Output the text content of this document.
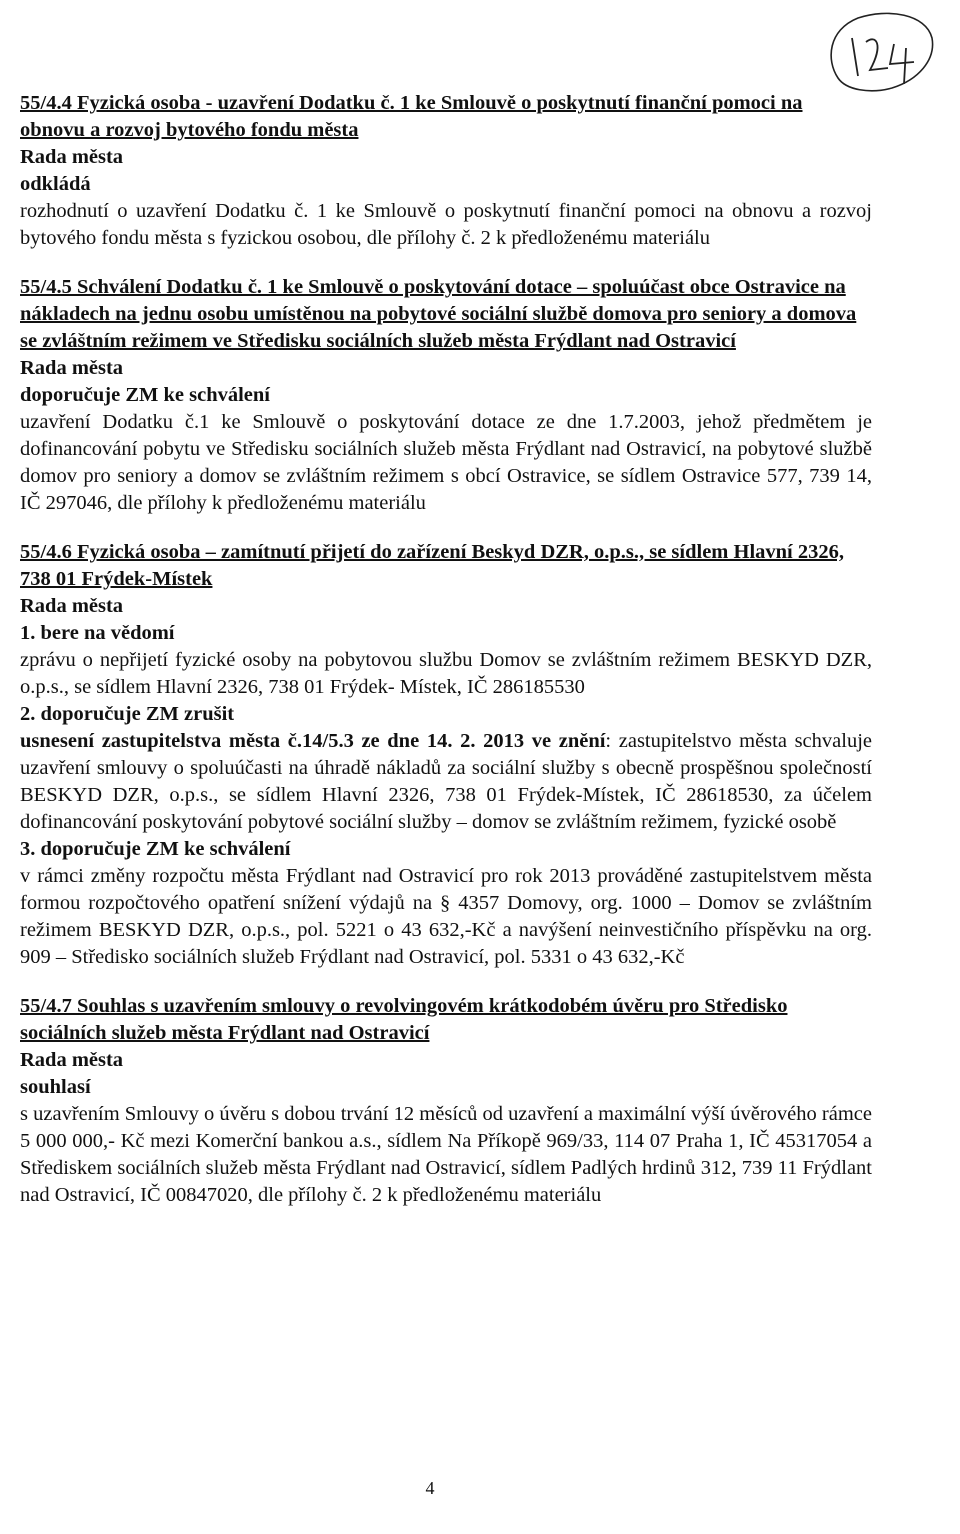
55/4.4 Fyzická osoba - uzavření Dodatku č. 1 ke Smlouvě o poskytnutí finanční pomoci na obnovu a rozvoj bytového fondu města
Rada města
odkládá
rozhodnutí o uzavření Dodatku č. 1 ke Smlouvě o poskytnutí finanční pomoci na obnovu a rozvoj bytového fondu města s fyzickou osobou, dle přílohy č. 2 k předloženému materiálu
55/4.5 Schválení Dodatku č. 1 ke Smlouvě o poskytování dotace – spoluúčast obce Ostravice na nákladech na jednu osobu umístěnou na pobytové sociální službě domova pro seniory a domova se zvláštním režimem ve Středisku sociálních služeb města Frýdlant nad Ostravicí
Rada města
doporučuje ZM ke schválení
uzavření Dodatku č.1 ke Smlouvě o poskytování dotace ze dne 1.7.2003, jehož předmětem je dofinancování pobytu ve Středisku sociálních služeb města Frýdlant nad Ostravicí, na pobytové službě domov pro seniory a domov se zvláštním režimem s obcí Ostravice, se sídlem Ostravice 577, 739 14, IČ 297046, dle přílohy k předloženému materiálu
55/4.6 Fyzická osoba – zamítnutí přijetí do zařízení Beskyd DZR, o.p.s., se sídlem Hlavní 2326, 738 01 Frýdek-Místek
Rada města
1. bere na vědomí
zprávu o nepřijetí fyzické osoby na pobytovou službu Domov se zvláštním režimem BESKYD DZR, o.p.s., se sídlem Hlavní 2326, 738 01 Frýdek- Místek, IČ 286185530
2. doporučuje ZM zrušit
usnesení zastupitelstva města č.14/5.3 ze dne 14. 2. 2013 ve znění: zastupitelstvo města schvaluje uzavření smlouvy o spoluúčasti na úhradě nákladů za sociální služby s obecně prospěšnou společností BESKYD DZR, o.p.s., se sídlem Hlavní 2326, 738 01 Frýdek-Místek, IČ 28618530, za účelem dofinancování poskytování pobytové sociální služby – domov se zvláštním režimem, fyzické osobě
3. doporučuje ZM ke schválení
v rámci změny rozpočtu města Frýdlant nad Ostravicí pro rok 2013 prováděné zastupitelstvem města formou rozpočtového opatření snížení výdajů na § 4357 Domovy, org. 1000 – Domov se zvláštním režimem BESKYD DZR, o.p.s., pol. 5221 o 43 632,-Kč a navýšení neinvestičního příspěvku na org. 909 – Středisko sociálních služeb Frýdlant nad Ostravicí, pol. 5331 o 43 632,-Kč
55/4.7 Souhlas s uzavřením smlouvy o revolvingovém krátkodobém úvěru pro Středisko sociálních služeb města Frýdlant nad Ostravicí
Rada města
souhlasí
s uzavřením Smlouvy o úvěru s dobou trvání 12 měsíců od uzavření a maximální výší úvěrového rámce 5 000 000,- Kč mezi Komerční bankou a.s., sídlem Na Příkopě 969/33, 114 07 Praha 1, IČ 45317054 a Střediskem sociálních služeb města Frýdlant nad Ostravicí, sídlem Padlých hrdinů 312, 739 11 Frýdlant nad Ostravicí, IČ 00847020, dle přílohy č. 2 k předloženému materiálu
4
